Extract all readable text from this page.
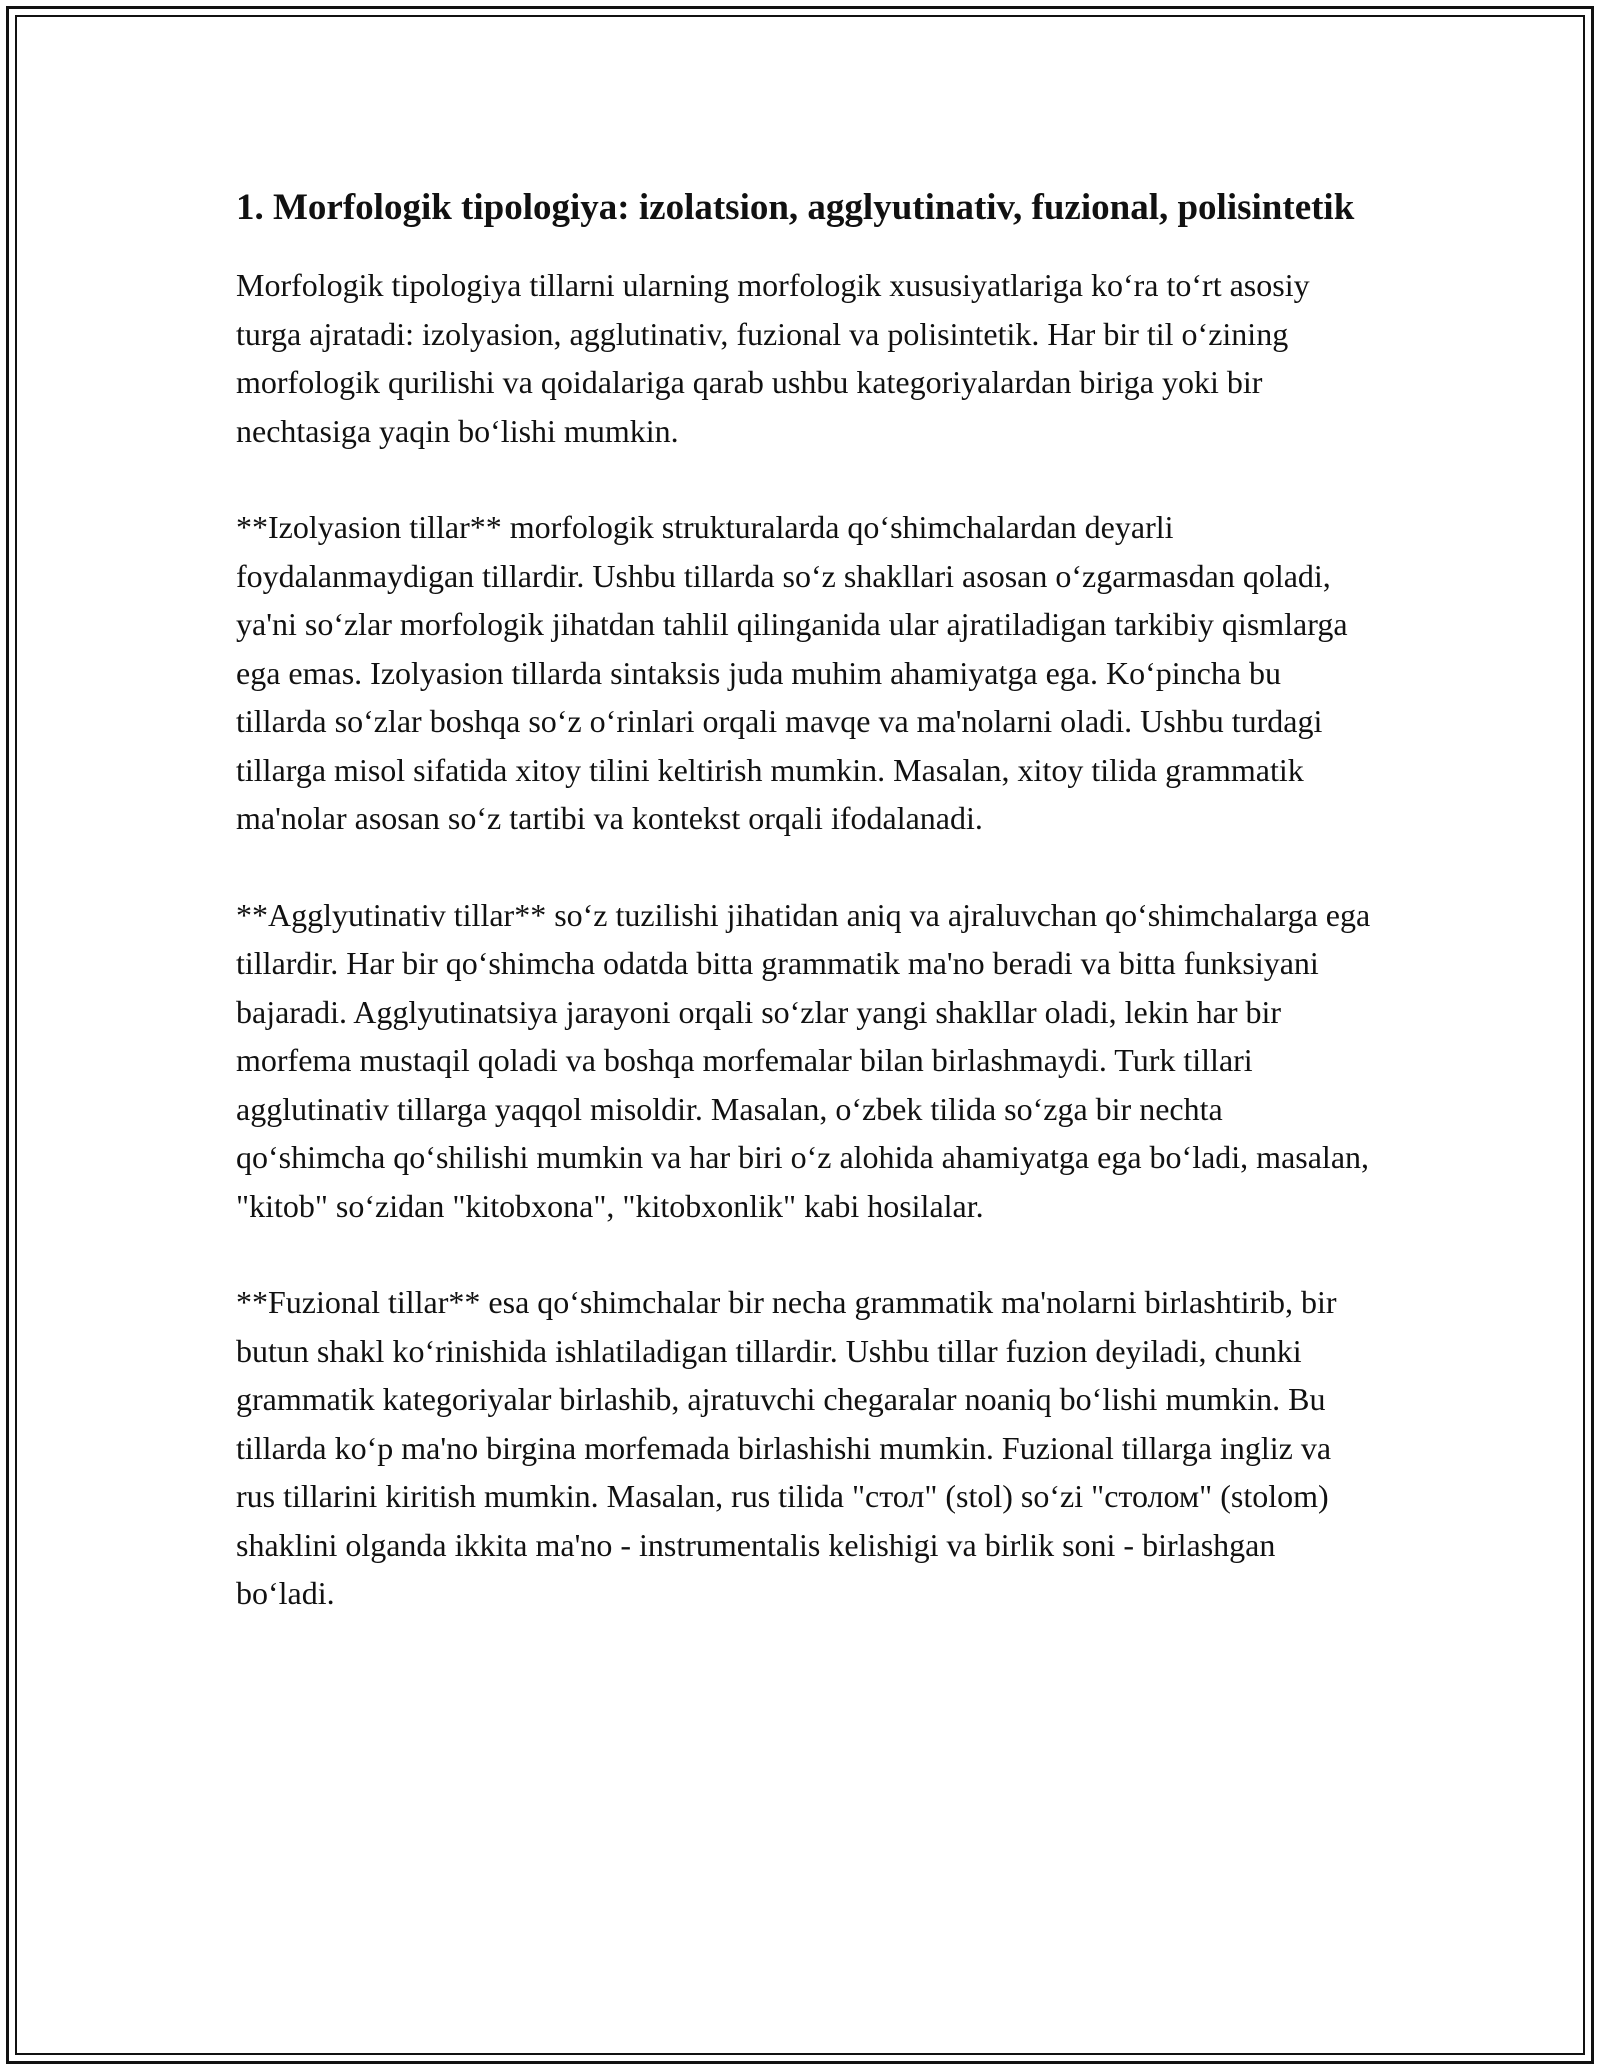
1. Morfologik tipologiya: izolatsion, agglyutinativ, fuzional, polisintetik

Morfologik tipologiya tillarni ularning morfologik xususiyatlariga koʻra toʻrt asosiy turga ajratadi: izolyasion, agglutinativ, fuzional va polisintetik. Har bir til oʻzining morfologik qurilishi va qoidalariga qarab ushbu kategoriyalardan biriga yoki bir nechtasiga yaqin boʻlishi mumkin.

**Izolyasion tillar** morfologik strukturalarda qoʻshimchalardan deyarli foydalanmaydigan tillardir. Ushbu tillarda soʻz shakllari asosan oʻzgarmasdan qoladi, ya'ni soʻzlar morfologik jihatdan tahlil qilinganida ular ajratiladigan tarkibiy qismlarga ega emas. Izolyasion tillarda sintaksis juda muhim ahamiyatga ega. Koʻpincha bu tillarda soʻzlar boshqa soʻz oʻrinlari orqali mavqe va ma'nolarni oladi. Ushbu turdagi tillarga misol sifatida xitoy tilini keltirish mumkin. Masalan, xitoy tilida grammatik ma'nolar asosan soʻz tartibi va kontekst orqali ifodalanadi.

**Agglyutinativ tillar** soʻz tuzilishi jihatidan aniq va ajraluvchan qoʻshimchalarga ega tillardir. Har bir qoʻshimcha odatda bitta grammatik ma'no beradi va bitta funksiyani bajaradi. Agglyutinatsiya jarayoni orqali soʻzlar yangi shakllar oladi, lekin har bir morfema mustaqil qoladi va boshqa morfemalar bilan birlashmaydi. Turk tillari agglutinativ tillarga yaqqol misoldir. Masalan, oʻzbek tilida soʻzga bir nechta qoʻshimcha qoʻshilishi mumkin va har biri oʻz alohida ahamiyatga ega boʻladi, masalan, "kitob" soʻzidan "kitobxona", "kitobxonlik" kabi hosilalar.

**Fuzional tillar** esa qoʻshimchalar bir necha grammatik ma'nolarni birlashtirib, bir butun shakl koʻrinishida ishlatiladigan tillardir. Ushbu tillar fuzion deyiladi, chunki grammatik kategoriyalar birlashib, ajratuvchi chegaralar noaniq boʻlishi mumkin. Bu tillarda koʻp ma'no birgina morfemada birlashishi mumkin. Fuzional tillarga ingliz va rus tillarini kiritish mumkin. Masalan, rus tilida "стол" (stol) soʻzi "столом" (stolom) shaklini olganda ikkita ma'no - instrumentalis kelishigi va birlik soni - birlashgan boʻladi.
